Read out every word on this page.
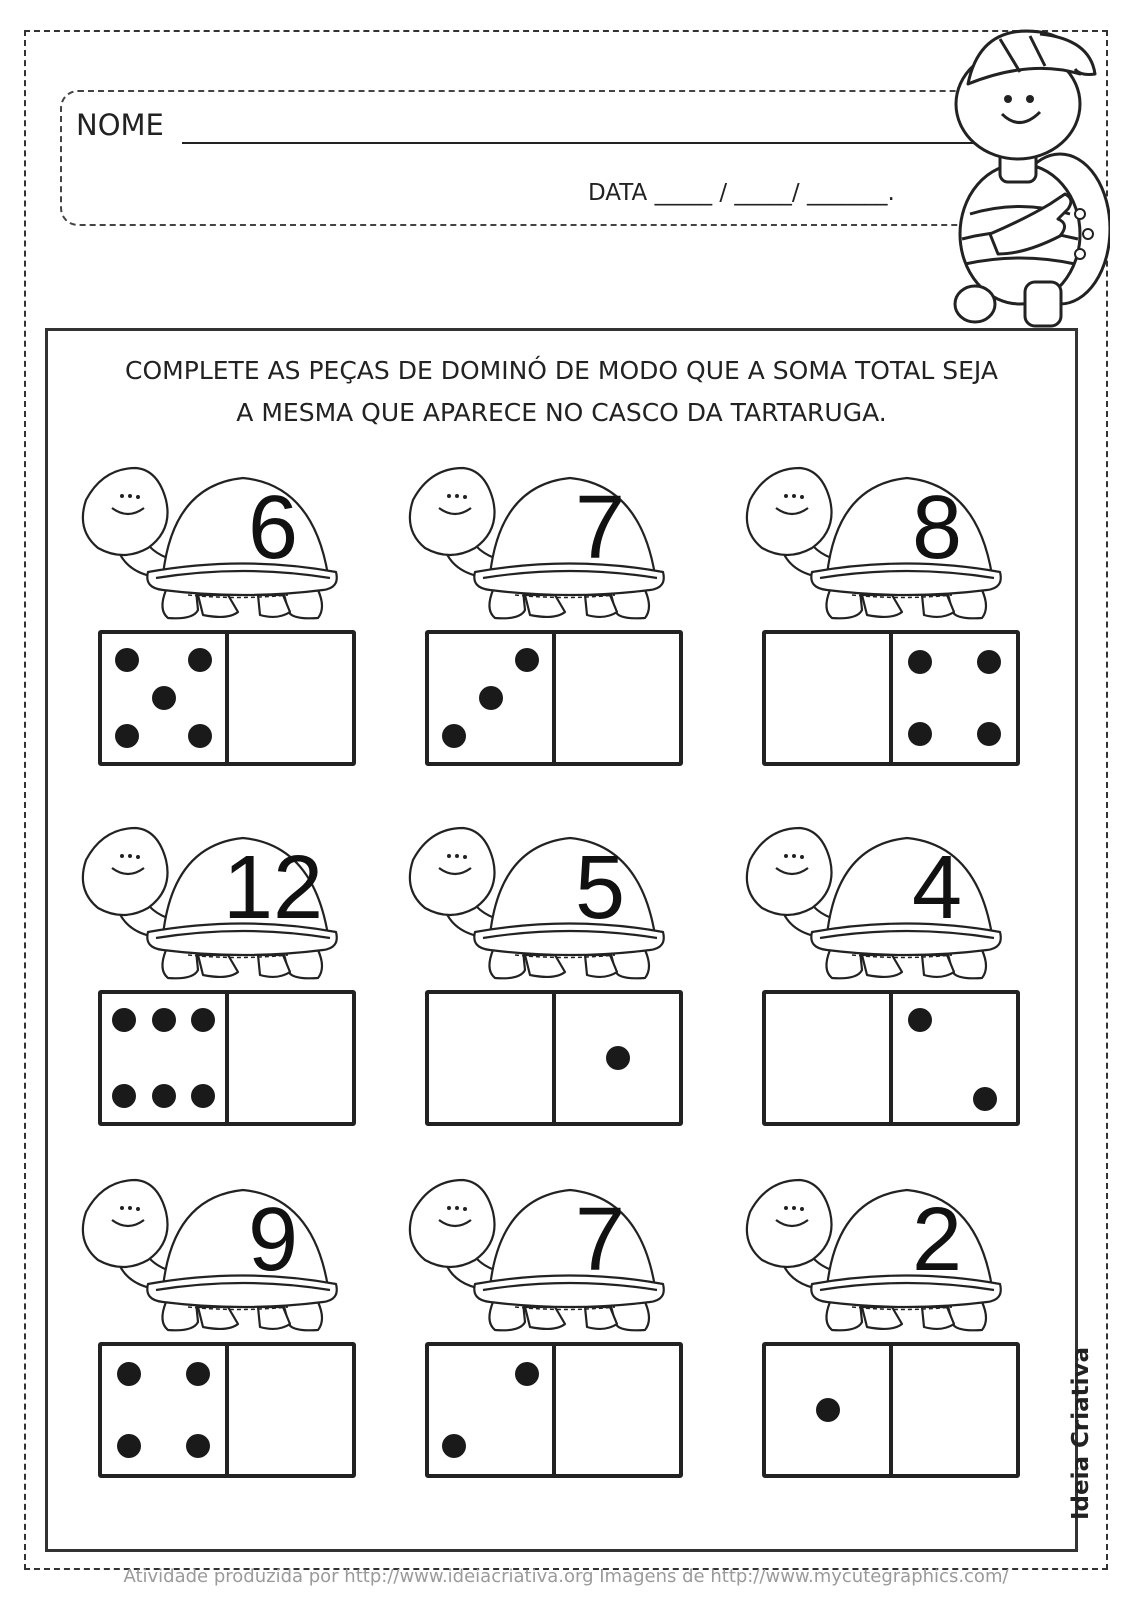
NOME
DATA _____ / _____/ _______.
COMPLETE AS PEÇAS DE DOMINÓ DE MODO QUE A SOMA TOTAL SEJA
A MESMA QUE APARECE NO CASCO DA TARTARUGA.
6	7	8
12	5	4
9	7	2
Ideia Criativa
Atividade produzida por http://www.ideiacriativa.org Imagens de http://www.mycutegraphics.com/
